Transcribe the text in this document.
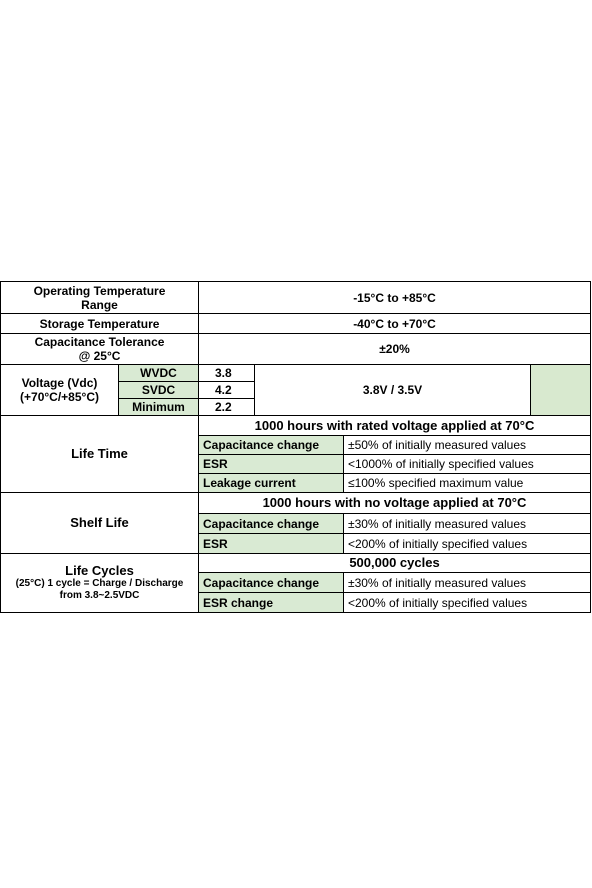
Operating Temperature
Range		-15°C to +85°C			
Storage Temperature		-40°C to +70°C			
Capacitance Tolerance
@ 25°C		±20%			
Voltage (Vdc)
(+70°C/+85°C)	WVDC	3.8	3.8V / 3.5V		
	SVDC	4.2			
	Minimum	2.2			

Life Time		1000 hours with rated voltage applied at 70°C			
		Capacitance change		±50% of initially measured values	
		ESR		<1000% of initially specified values	
		Leakage current		≤100% specified maximum value	

Shelf Life		1000 hours with no voltage applied at 70°C			
		Capacitance change		±30% of initially measured values	
		ESR		<200% of initially specified values	

Life Cycles
(25°C) 1 cycle = Charge / Discharge
from 3.8~2.5VDC		500,000 cycles			
		Capacitance change		±30% of initially measured values	
		ESR change		<200% of initially specified values	
